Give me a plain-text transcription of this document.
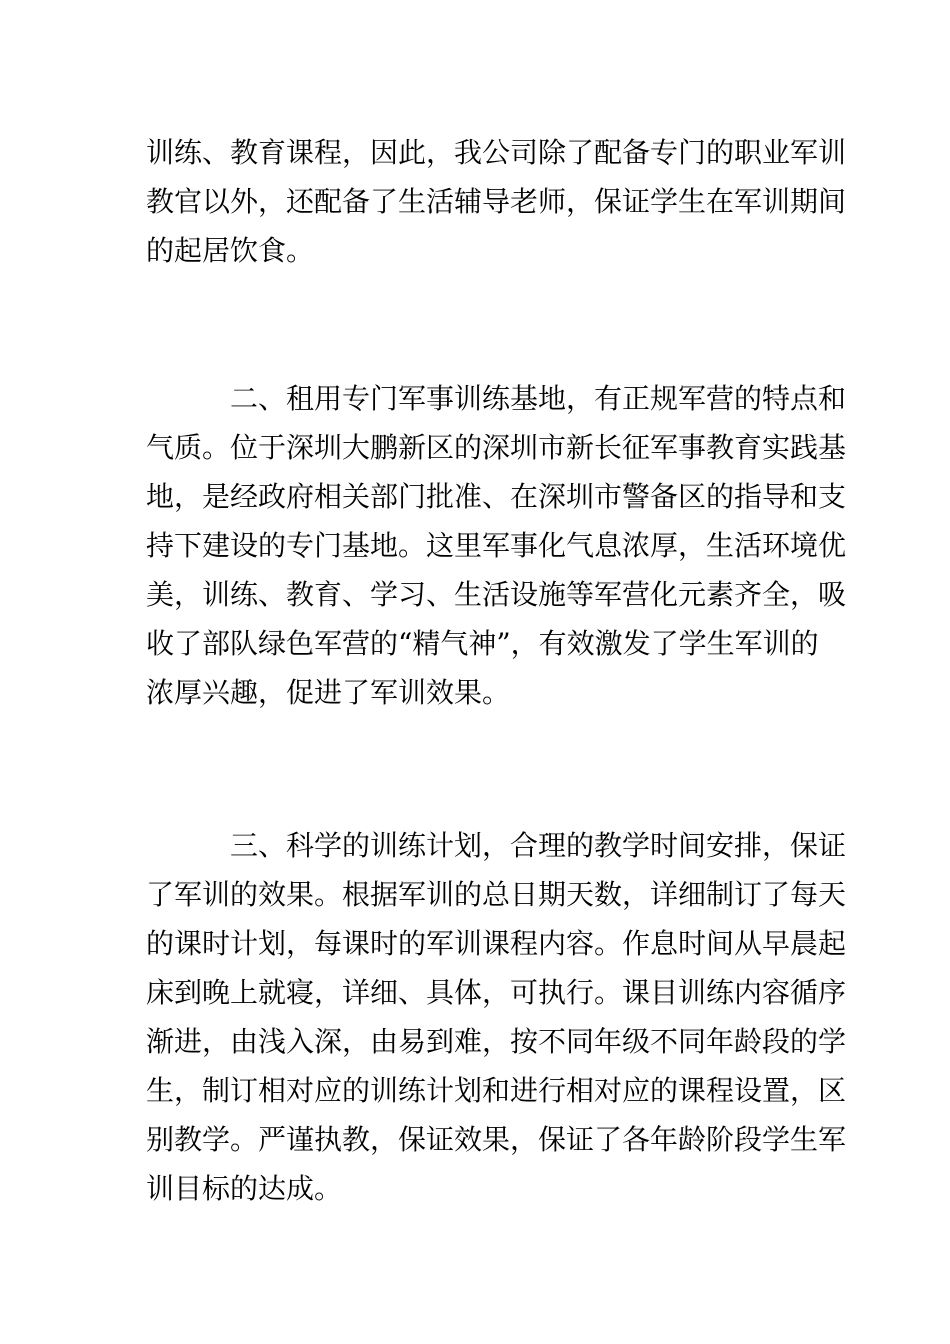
训练、教育课程，因此，我公司除了配备专门的职业军训
教官以外，还配备了生活辅导老师，保证学生在军训期间
的起居饮食。

二、租用专门军事训练基地，有正规军营的特点和
气质。位于深圳大鹏新区的深圳市新长征军事教育实践基
地，是经政府相关部门批准、在深圳市警备区的指导和支
持下建设的专门基地。这里军事化气息浓厚，生活环境优
美，训练、教育、学习、生活设施等军营化元素齐全，吸
收了部队绿色军营的“精气神”，有效激发了学生军训的
浓厚兴趣，促进了军训效果。

三、科学的训练计划，合理的教学时间安排，保证
了军训的效果。根据军训的总日期天数，详细制订了每天
的课时计划，每课时的军训课程内容。作息时间从早晨起
床到晚上就寝，详细、具体，可执行。课目训练内容循序
渐进，由浅入深，由易到难，按不同年级不同年龄段的学
生，制订相对应的训练计划和进行相对应的课程设置，区
别教学。严谨执教，保证效果，保证了各年龄阶段学生军
训目标的达成。
